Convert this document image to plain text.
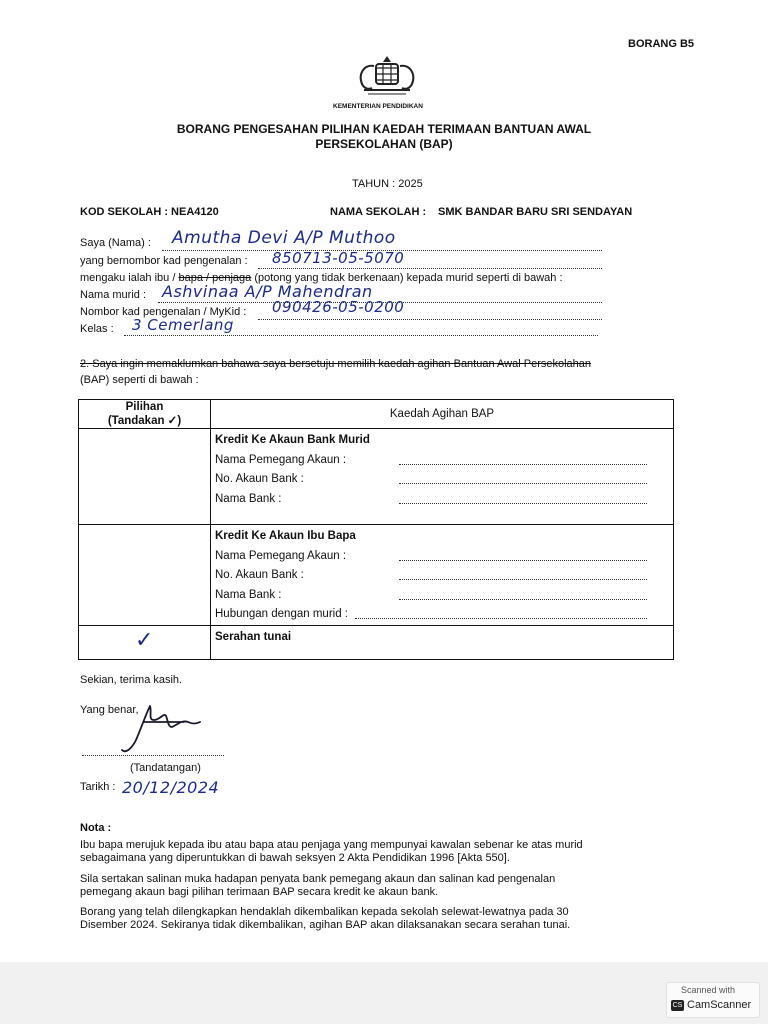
BORANG B5
KEMENTERIAN PENDIDIKAN
BORANG PENGESAHAN PILIHAN KAEDAH TERIMAAN BANTUAN AWAL
PERSEKOLAHAN (BAP)
TAHUN : 2025
KOD SEKOLAH : NEA4120	NAMA SEKOLAH : SMK BANDAR BARU SRI SENDAYAN
Saya (Nama) : Amutha Devi A/P Muthoo
yang bernombor kad pengenalan : 850713-05-5070
mengaku ialah ibu / bapa / penjaga (potong yang tidak berkenaan) kepada murid seperti di bawah :
Nama murid : Ashvinaa A/P Mahendran
Nombor kad pengenalan / MyKid : 090426-05-0200
Kelas : 3 Cemerlang
2. Saya ingin memaklumkan bahawa saya bersetuju memilih kaedah agihan Bantuan Awal Persekolahan
(BAP) seperti di bawah :
Pilihan
(Tandakan ✓)	Kaedah Agihan BAP

	Kredit Ke Akaun Bank Murid
Nama Pemegang Akaun :
No. Akaun Bank :
Nama Bank :

	Kredit Ke Akaun Ibu Bapa
Nama Pemegang Akaun :
No. Akaun Bank :
Nama Bank :
Hubungan dengan murid :

✓	Serahan tunai
Sekian, terima kasih.
Yang benar,
(Tandatangan)
Tarikh : 20/12/2024
Nota :
Ibu bapa merujuk kepada ibu atau bapa atau penjaga yang mempunyai kawalan sebenar ke atas murid
sebagaimana yang diperuntukkan di bawah seksyen 2 Akta Pendidikan 1996 [Akta 550].
Sila sertakan salinan muka hadapan penyata bank pemegang akaun dan salinan kad pengenalan
pemegang akaun bagi pilihan terimaan BAP secara kredit ke akaun bank.
Borang yang telah dilengkapkan hendaklah dikembalikan kepada sekolah selewat-lewatnya pada 30
Disember 2024. Sekiranya tidak dikembalikan, agihan BAP akan dilaksanakan secara serahan tunai.
Scanned with
CS CamScanner
